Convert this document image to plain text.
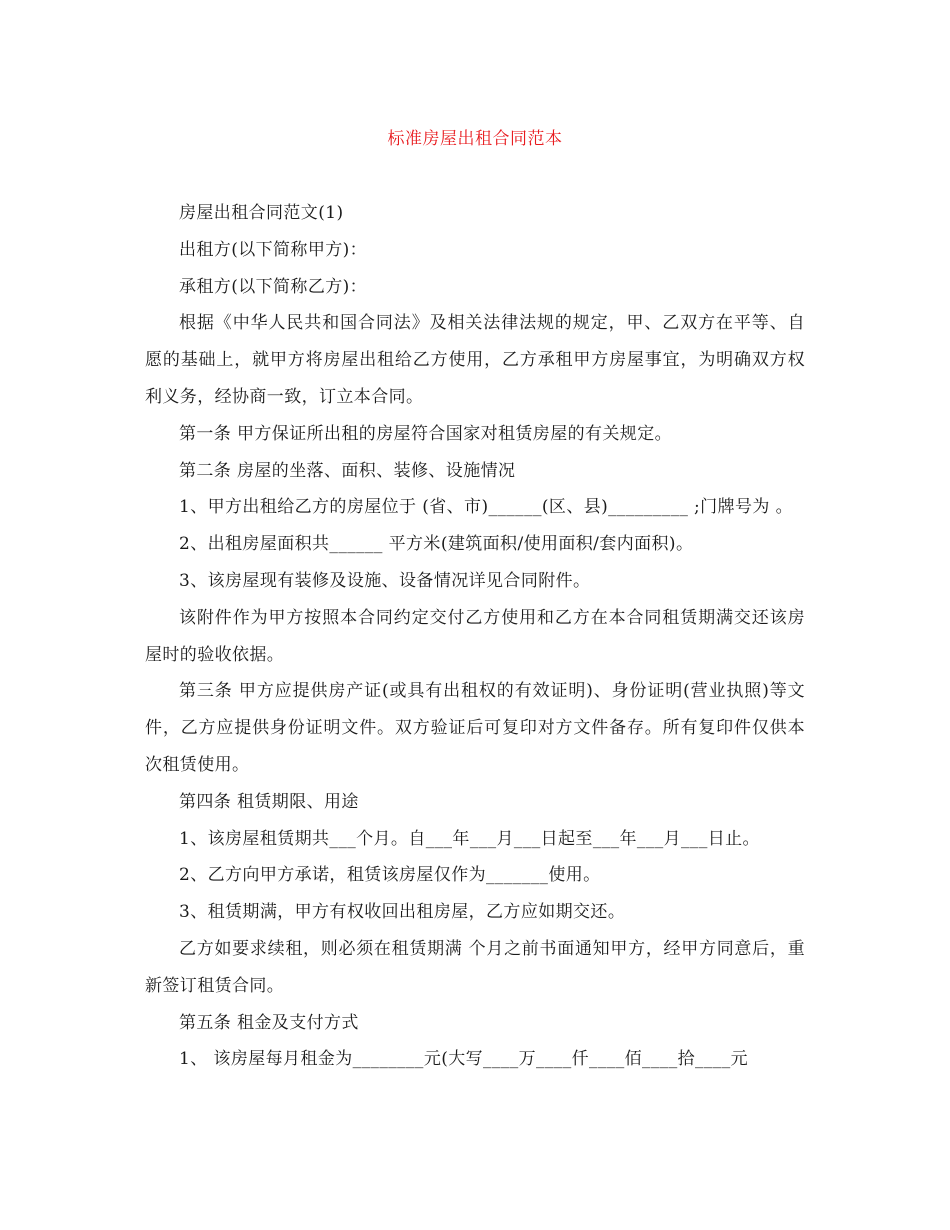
标准房屋出租合同范本

房屋出租合同范文(1)

出租方(以下简称甲方)：

承租方(以下简称乙方)：

根据《中华人民共和国合同法》及相关法律法规的规定，甲、乙双方在平等、自愿的基础上，就甲方将房屋出租给乙方使用，乙方承租甲方房屋事宜，为明确双方权利义务，经协商一致，订立本合同。

第一条 甲方保证所出租的房屋符合国家对租赁房屋的有关规定。

第二条 房屋的坐落、面积、装修、设施情况

1、甲方出租给乙方的房屋位于 (省、市)______(区、县)_________ ;门牌号为 。

2、出租房屋面积共______ 平方米(建筑面积/使用面积/套内面积)。

3、该房屋现有装修及设施、设备情况详见合同附件。

该附件作为甲方按照本合同约定交付乙方使用和乙方在本合同租赁期满交还该房屋时的验收依据。

第三条 甲方应提供房产证(或具有出租权的有效证明)、身份证明(营业执照)等文件，乙方应提供身份证明文件。双方验证后可复印对方文件备存。所有复印件仅供本次租赁使用。

第四条 租赁期限、用途

1、该房屋租赁期共___个月。自___年___月___日起至___年___月___日止。

2、乙方向甲方承诺，租赁该房屋仅作为_______使用。

3、租赁期满，甲方有权收回出租房屋，乙方应如期交还。

乙方如要求续租，则必须在租赁期满 个月之前书面通知甲方，经甲方同意后，重新签订租赁合同。

第五条 租金及支付方式

1、 该房屋每月租金为________元(大写____万____仟____佰____拾____元
